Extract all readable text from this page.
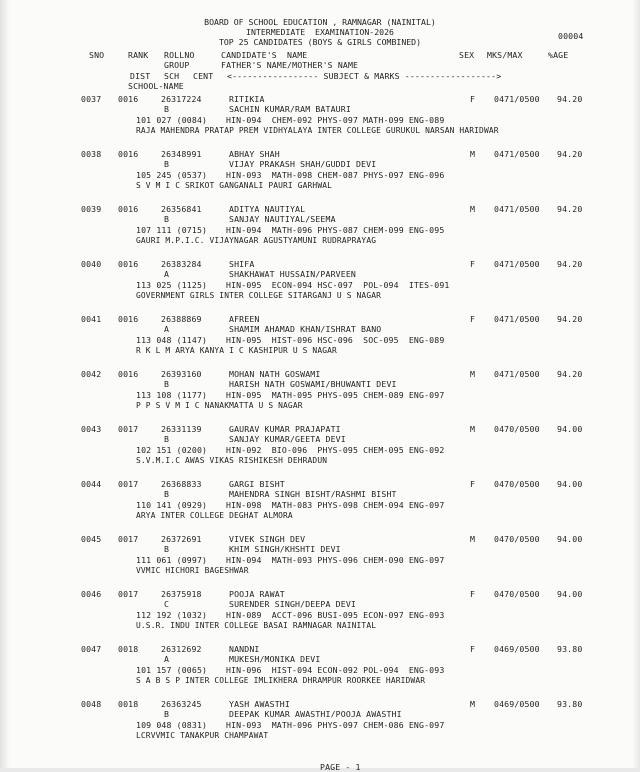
BOARD OF SCHOOL EDUCATION , RAMNAGAR (NAINITAL)
INTERMEDIATE  EXAMINATION-2026
TOP 25 CANDIDATES (BOYS & GIRLS COMBINED)
00004
SNO	RANK ROLLNO	CANDIDATE'S  NAME	SEX MKS/MAX	%AGE
GROUP	FATHER'S NAME/MOTHER'S NAME
DIST SCH CENT <----------------- SUBJECT & MARKS ------------------>
SCHOOL-NAME
0037 0016	26317224	RITIKIA	F 0471/0500 94.20
B	SACHIN KUMAR/RAM BATAURI
101 027 (0084) HIN-094  CHEM-092 PHYS-097 MATH-099 ENG-089
RAJA MAHENDRA PRATAP PREM VIDHYALAYA INTER COLLEGE GURUKUL NARSAN HARIDWAR
0038 0016	26348991	ABHAY SHAH	M 0471/0500 94.20
B	VIJAY PRAKASH SHAH/GUDDI DEVI
105 245 (0537) HIN-093  MATH-098 CHEM-087 PHYS-097 ENG-096
S V M I C SRIKOT GANGANALI PAURI GARHWAL
0039 0016	26356841	ADITYA NAUTIYAL	M 0471/0500 94.20
B	SANJAY NAUTIYAL/SEEMA
107 111 (0715) HIN-094  MATH-096 PHYS-087 CHEM-099 ENG-095
GAURI M.P.I.C. VIJAYNAGAR AGUSTYAMUNI RUDRAPRAYAG
0040 0016	26383284	SHIFA	F 0471/0500 94.20
A	SHAKHAWAT HUSSAIN/PARVEEN
113 025 (1125) HIN-095  ECON-094 HSC-097  POL-094  ITES-091
GOVERNMENT GIRLS INTER COLLEGE SITARGANJ U S NAGAR
0041 0016	26388869	AFREEN	F 0471/0500 94.20
A	SHAMIM AHAMAD KHAN/ISHRAT BANO
113 048 (1147) HIN-095  HIST-096 HSC-096  SOC-095  ENG-089
R K L M ARYA KANYA I C KASHIPUR U S NAGAR
0042 0016	26393160	MOHAN NATH GOSWAMI	M 0471/0500 94.20
B	HARISH NATH GOSWAMI/BHUWANTI DEVI
113 108 (1177) HIN-095  MATH-095 PHYS-095 CHEM-089 ENG-097
P P S V M I C NANAKMATTA U S NAGAR
0043 0017	26331139	GAURAV KUMAR PRAJAPATI	M 0470/0500 94.00
B	SANJAY KUMAR/GEETA DEVI
102 151 (0200) HIN-092  BIO-096  PHYS-095 CHEM-095 ENG-092
S.V.M.I.C AWAS VIKAS RISHIKESH DEHRADUN
0044 0017	26368833	GARGI BISHT	F 0470/0500 94.00
B	MAHENDRA SINGH BISHT/RASHMI BISHT
110 141 (0929) HIN-098  MATH-083 PHYS-098 CHEM-094 ENG-097
ARYA INTER COLLEGE DEGHAT ALMORA
0045 0017	26372691	VIVEK SINGH DEV	M 0470/0500 94.00
B	KHIM SINGH/KHSHTI DEVI
111 061 (0997) HIN-094  MATH-093 PHYS-096 CHEM-090 ENG-097
VVMIC HICHORI BAGESHWAR
0046 0017	26375918	POOJA RAWAT	F 0470/0500 94.00
C	SURENDER SINGH/DEEPA DEVI
112 192 (1032) HIN-089  ACCT-096 BUSI-095 ECON-097 ENG-093
U.S.R. INDU INTER COLLEGE BASAI RAMNAGAR NAINITAL
0047 0018	26312692	NANDNI	F 0469/0500 93.80
A	MUKESH/MONIKA DEVI
101 157 (0065) HIN-096  HIST-094 ECON-092 POL-094  ENG-093
S A B S P INTER COLLEGE IMLIKHERA DHRAMPUR ROORKEE HARIDWAR
0048 0018	26363245	YASH AWASTHI	M 0469/0500 93.80
B	DEEPAK KUMAR AWASTHI/POOJA AWASTHI
109 048 (0831) HIN-093  MATH-096 PHYS-097 CHEM-086 ENG-097
LCRVVMIC TANAKPUR CHAMPAWAT
PAGE - 1
